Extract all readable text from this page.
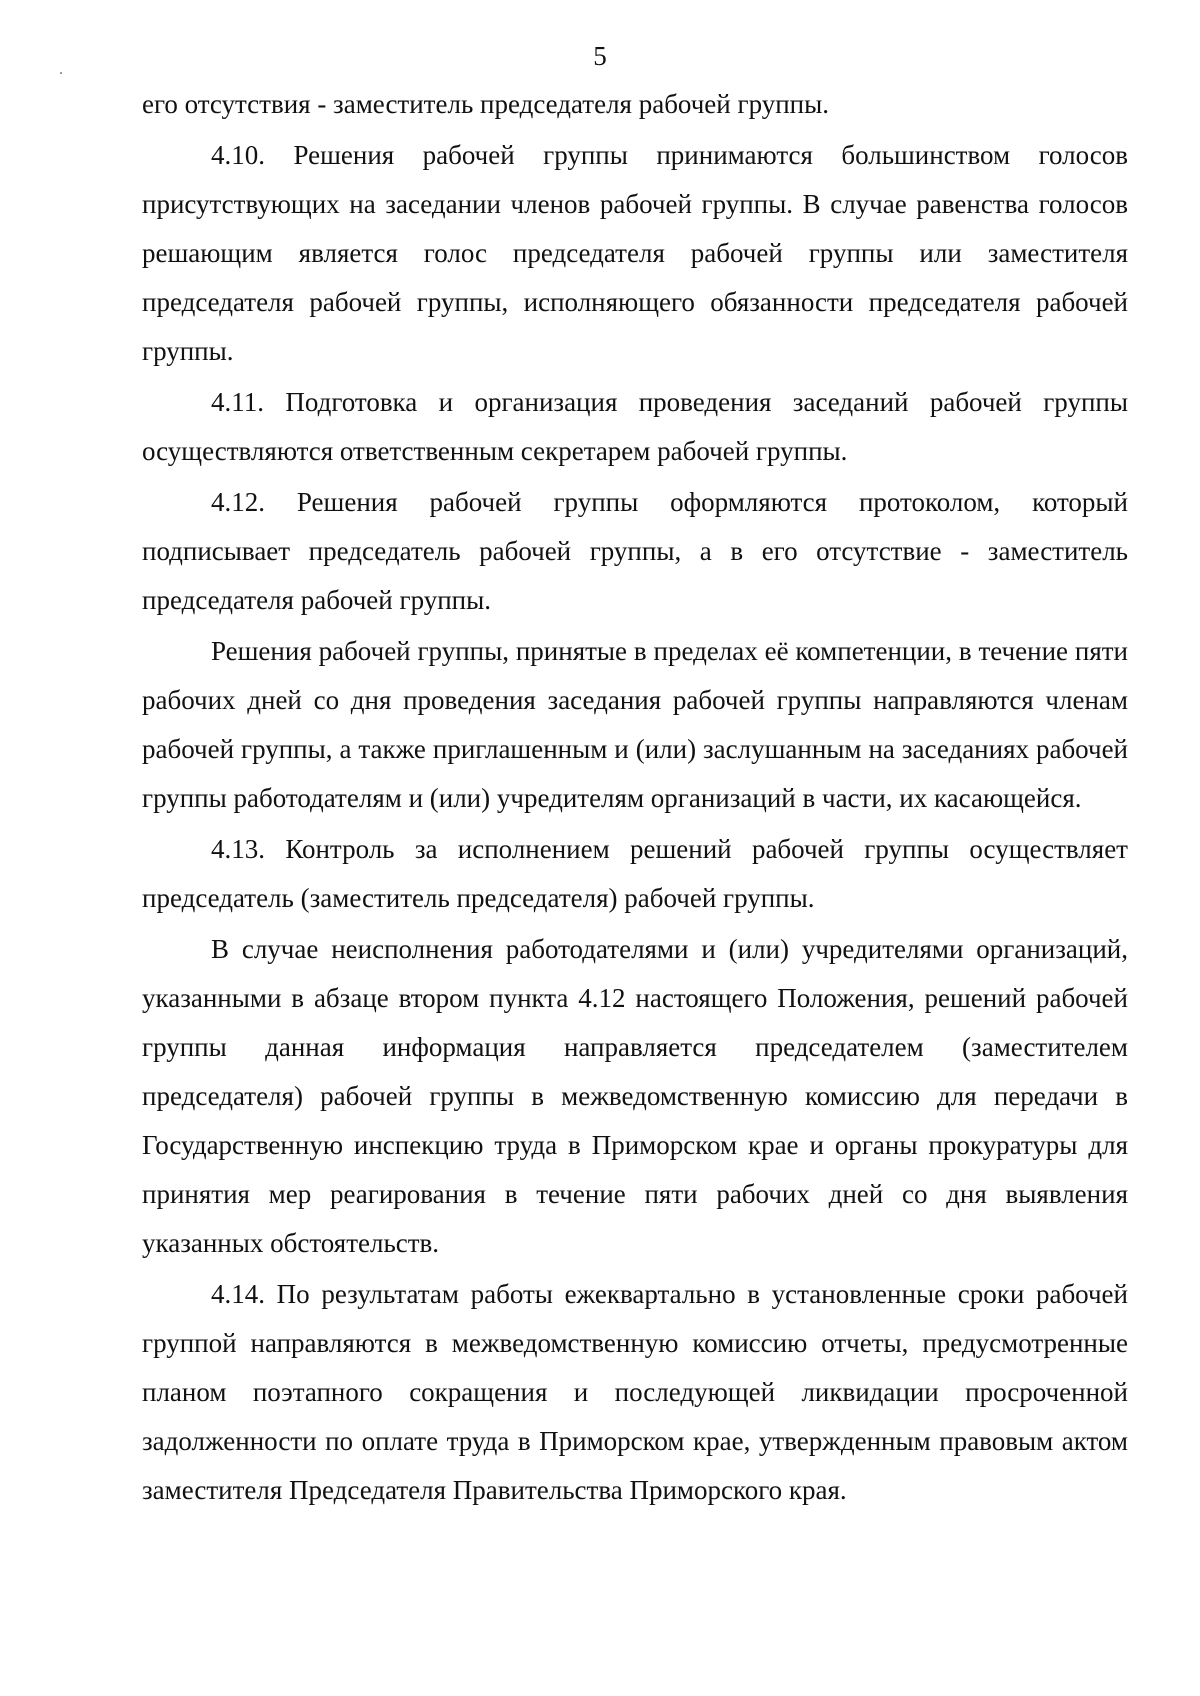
5

его отсутствия - заместитель председателя рабочей группы.

4.10. Решения рабочей группы принимаются большинством голосов присутствующих на заседании членов рабочей группы. В случае равенства голосов решающим является голос председателя рабочей группы или заместителя председателя рабочей группы, исполняющего обязанности председателя рабочей группы.

4.11. Подготовка и организация проведения заседаний рабочей группы осуществляются ответственным секретарем рабочей группы.

4.12. Решения рабочей группы оформляются протоколом, который подписывает председатель рабочей группы, а в его отсутствие - заместитель председателя рабочей группы.

Решения рабочей группы, принятые в пределах её компетенции, в течение пяти рабочих дней со дня проведения заседания рабочей группы направляются членам рабочей группы, а также приглашенным и (или) заслушанным на заседаниях рабочей группы работодателям и (или) учредителям организаций в части, их касающейся.

4.13. Контроль за исполнением решений рабочей группы осуществляет председатель (заместитель председателя) рабочей группы.

В случае неисполнения работодателями и (или) учредителями организаций, указанными в абзаце втором пункта 4.12 настоящего Положения, решений рабочей группы данная информация направляется председателем (заместителем председателя) рабочей группы в межведомственную комиссию для передачи в Государственную инспекцию труда в Приморском крае и органы прокуратуры для принятия мер реагирования в течение пяти рабочих дней со дня выявления указанных обстоятельств.

4.14. По результатам работы ежеквартально в установленные сроки рабочей группой направляются в межведомственную комиссию отчеты, предусмотренные планом поэтапного сокращения и последующей ликвидации просроченной задолженности по оплате труда в Приморском крае, утвержденным правовым актом заместителя Председателя Правительства Приморского края.
